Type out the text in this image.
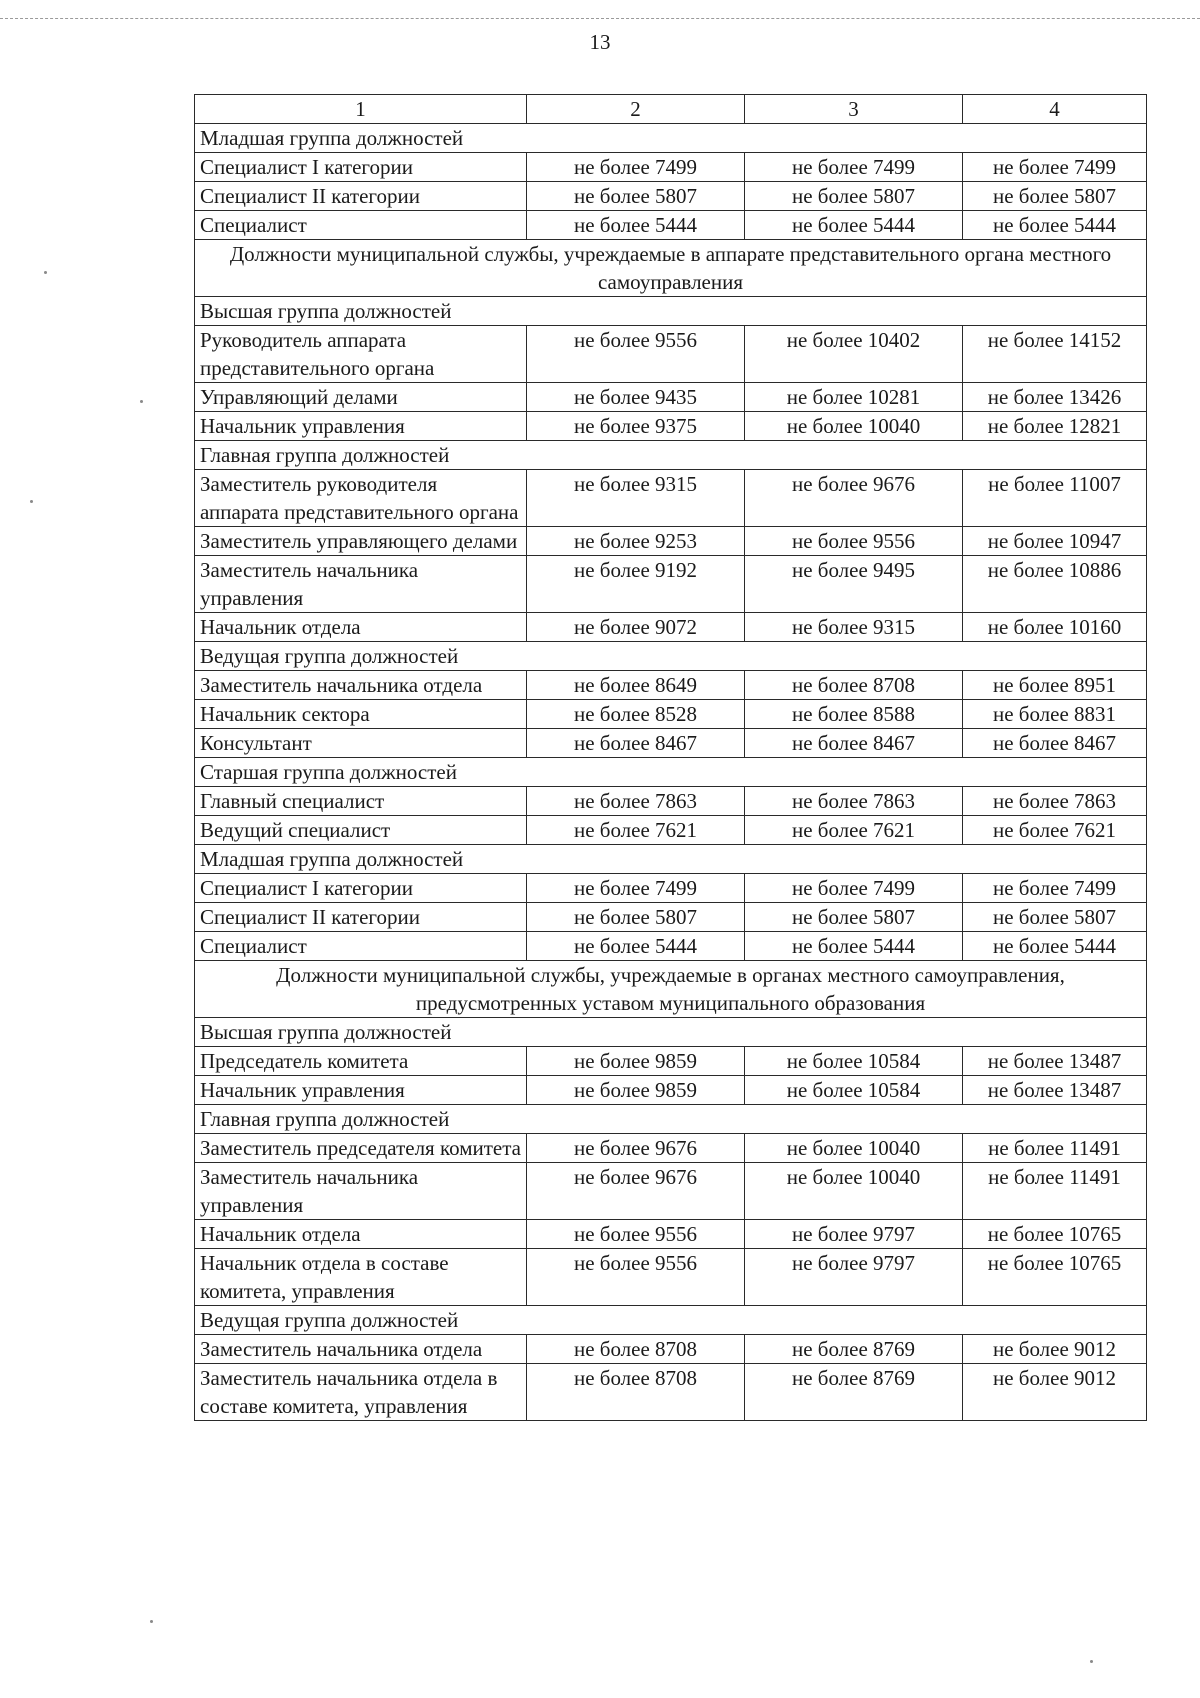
13
1	2	3	4
Младшая группа должностей			
Специалист I категории	не более 7499	не более 7499	не более 7499
Специалист II категории	не более 5807	не более 5807	не более 5807
Специалист	не более 5444	не более 5444	не более 5444
Должности муниципальной службы, учреждаемые в аппарате представительного органа местного самоуправления			
Высшая группа должностей			
Руководитель аппарата представительного органа	не более 9556	не более 10402	не более 14152
Управляющий делами	не более 9435	не более 10281	не более 13426
Начальник управления	не более 9375	не более 10040	не более 12821
Главная группа должностей			
Заместитель руководителя аппарата представительного органа	не более 9315	не более 9676	не более 11007
Заместитель управляющего делами	не более 9253	не более 9556	не более 10947
Заместитель начальника управления	не более 9192	не более 9495	не более 10886
Начальник отдела	не более 9072	не более 9315	не более 10160
Ведущая группа должностей			
Заместитель начальника отдела	не более 8649	не более 8708	не более 8951
Начальник сектора	не более 8528	не более 8588	не более 8831
Консультант	не более 8467	не более 8467	не более 8467
Старшая группа должностей			
Главный специалист	не более 7863	не более 7863	не более 7863
Ведущий специалист	не более 7621	не более 7621	не более 7621
Младшая группа должностей			
Специалист I категории	не более 7499	не более 7499	не более 7499
Специалист II категории	не более 5807	не более 5807	не более 5807
Специалист	не более 5444	не более 5444	не более 5444
Должности муниципальной службы, учреждаемые в органах местного самоуправления, предусмотренных уставом муниципального образования			
Высшая группа должностей			
Председатель комитета	не более 9859	не более 10584	не более 13487
Начальник управления	не более 9859	не более 10584	не более 13487
Главная группа должностей			
Заместитель председателя комитета	не более 9676	не более 10040	не более 11491
Заместитель начальника управления	не более 9676	не более 10040	не более 11491
Начальник отдела	не более 9556	не более 9797	не более 10765
Начальник отдела в составе комитета, управления	не более 9556	не более 9797	не более 10765
Ведущая группа должностей			
Заместитель начальника отдела	не более 8708	не более 8769	не более 9012
Заместитель начальника отдела в составе комитета, управления	не более 8708	не более 8769	не более 9012
